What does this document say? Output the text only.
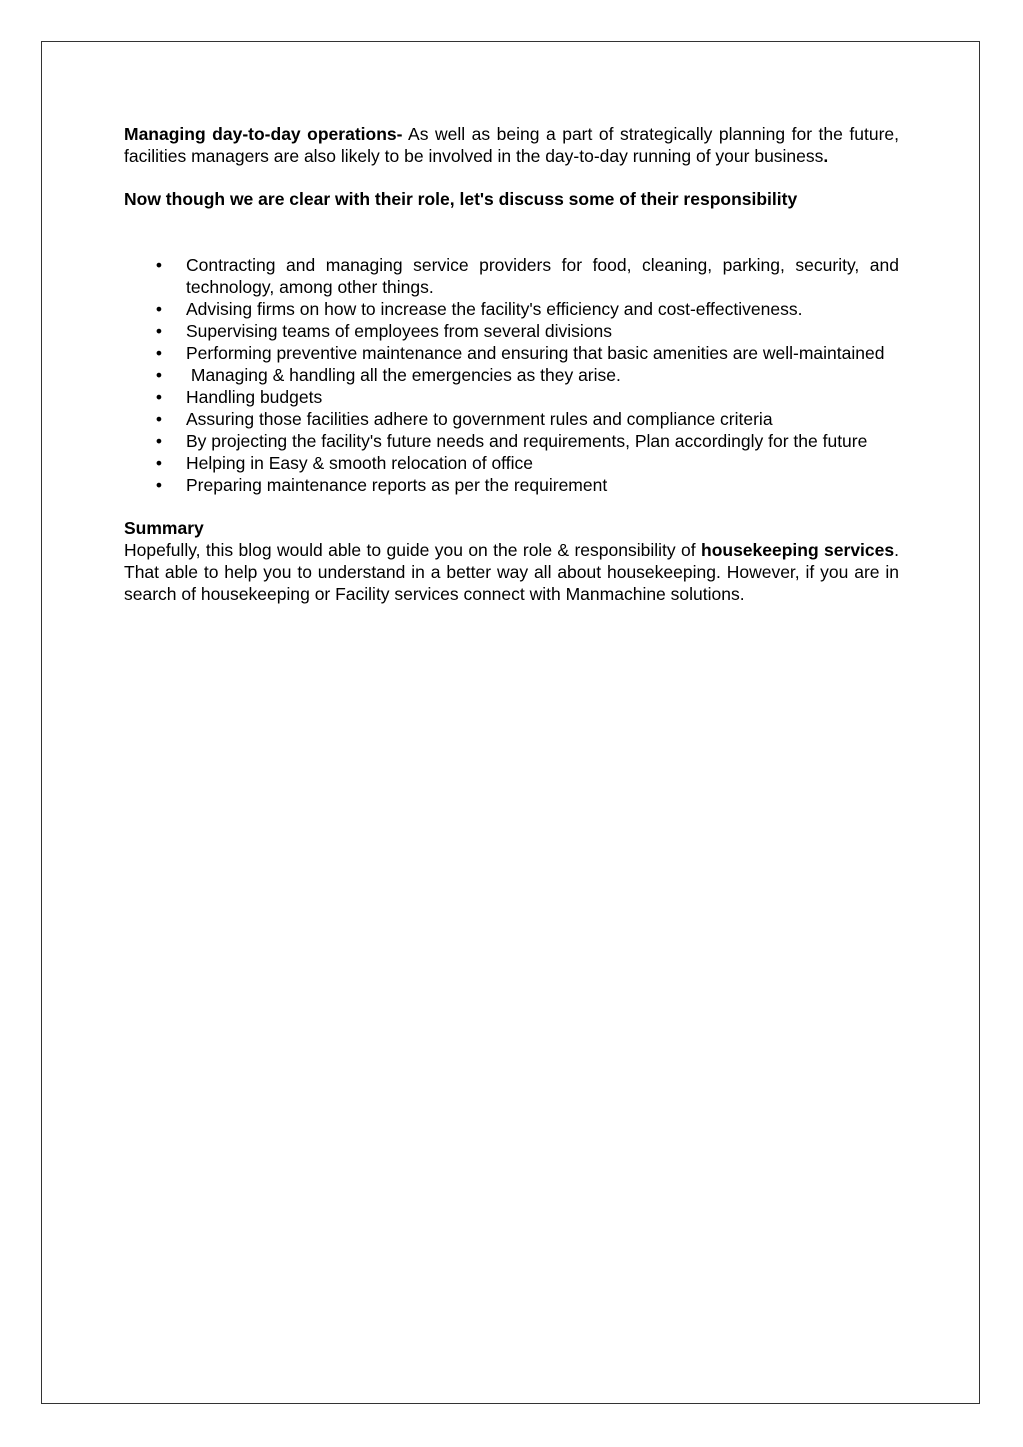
Managing day-to-day operations- As well as being a part of strategically planning for the future, facilities managers are also likely to be involved in the day-to-day running of your business.

Now though we are clear with their role, let's discuss some of their responsibility

• Contracting and managing service providers for food, cleaning, parking, security, and technology, among other things.
• Advising firms on how to increase the facility's efficiency and cost-effectiveness.
• Supervising teams of employees from several divisions
• Performing preventive maintenance and ensuring that basic amenities are well-maintained
• Managing & handling all the emergencies as they arise.
• Handling budgets
• Assuring those facilities adhere to government rules and compliance criteria
• By projecting the facility's future needs and requirements, Plan accordingly for the future
• Helping in Easy & smooth relocation of office
• Preparing maintenance reports as per the requirement

Summary

Hopefully, this blog would able to guide you on the role & responsibility of housekeeping services. That able to help you to understand in a better way all about housekeeping. However, if you are in search of housekeeping or Facility services connect with Manmachine solutions.
